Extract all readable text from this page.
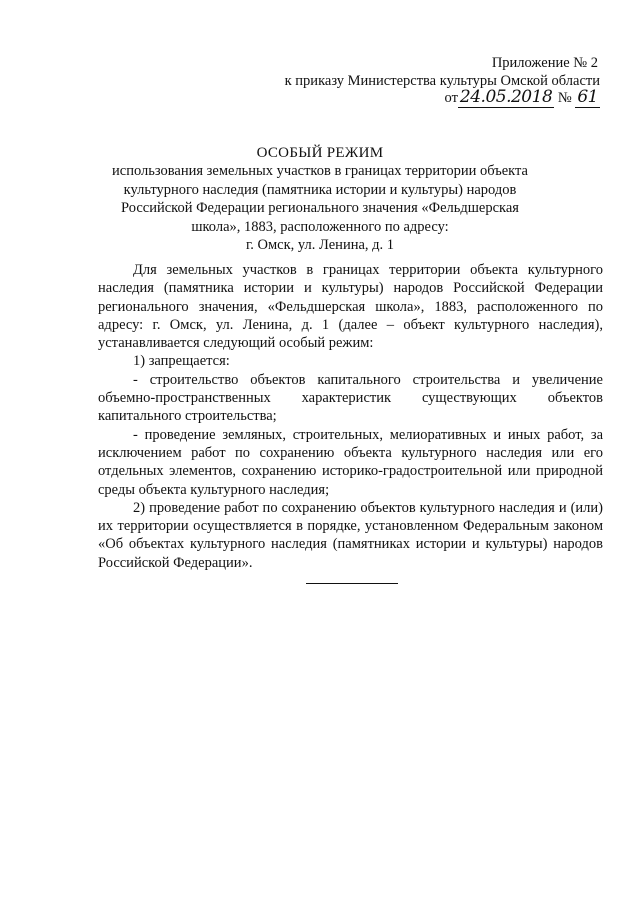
Приложение № 2
к приказу Министерства культуры Омской области
от 24.05.2018 № 61
ОСОБЫЙ РЕЖИМ
использования земельных участков в границах территории объекта
культурного наследия (памятника истории и культуры) народов
Российской Федерации регионального значения «Фельдшерская
школа», 1883, расположенного по адресу:
г. Омск, ул. Ленина, д. 1

Для земельных участков в границах территории объекта культурного наследия (памятника истории и культуры) народов Российской Федерации регионального значения, «Фельдшерская школа», 1883, расположенного по адресу: г. Омск, ул. Ленина, д. 1 (далее – объект культурного наследия), устанавливается следующий особый режим:

1) запрещается:

- строительство объектов капитального строительства и увеличение объемно-пространственных характеристик существующих объектов капитального строительства;

- проведение земляных, строительных, мелиоративных и иных работ, за исключением работ по сохранению объекта культурного наследия или его отдельных элементов, сохранению историко-градостроительной или природной среды объекта культурного наследия;

2) проведение работ по сохранению объектов культурного наследия и (или) их территории осуществляется в порядке, установленном Федеральным законом «Об объектах культурного наследия (памятниках истории и культуры) народов Российской Федерации».
